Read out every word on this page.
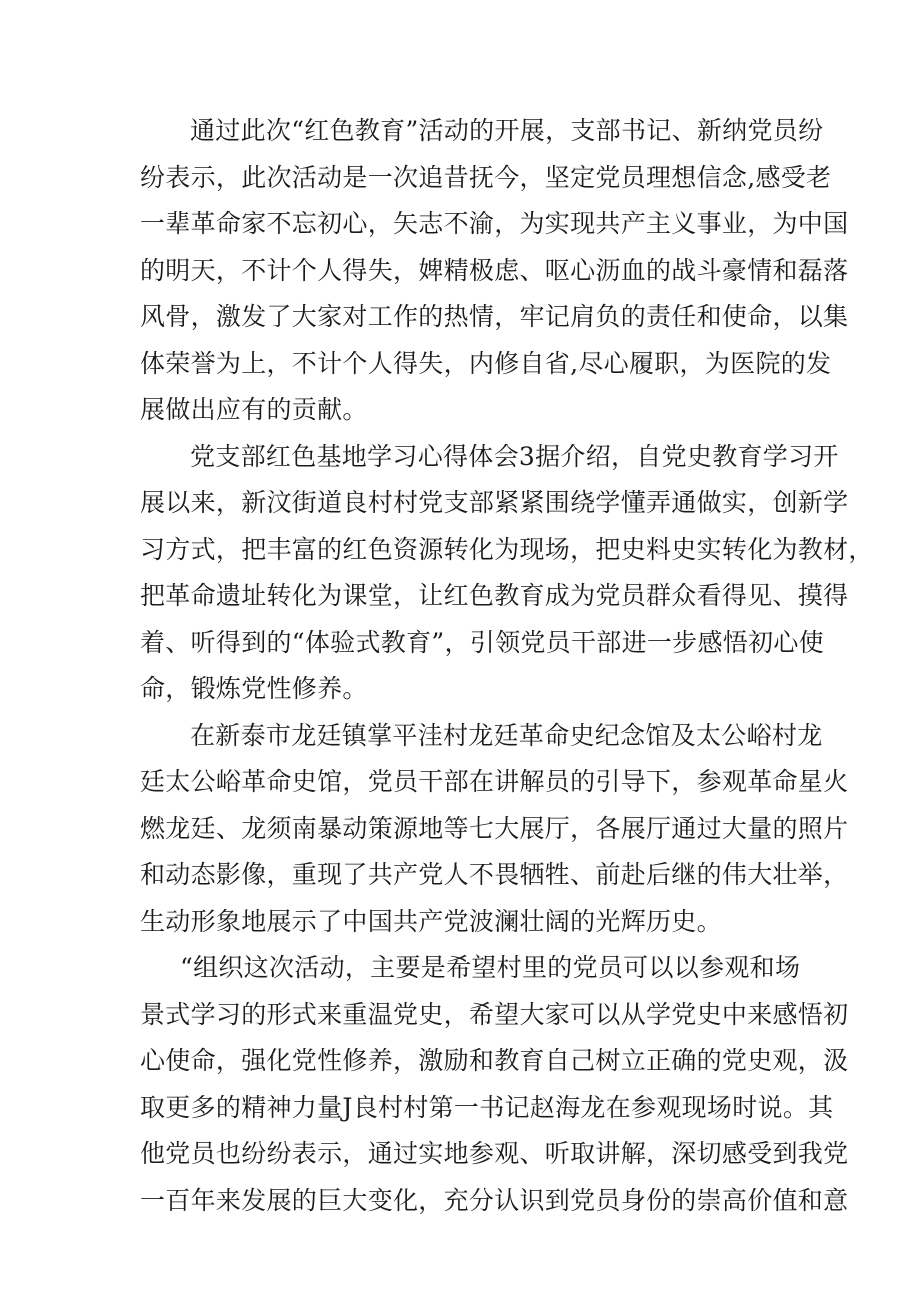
通过此次“红色教育”活动的开展，支部书记、新纳党员纷
纷表示，此次活动是一次追昔抚今，坚定党员理想信念,感受老
一辈革命家不忘初心，矢志不渝，为实现共产主义事业，为中国
的明天，不计个人得失，婢精极虑、呕心沥血的战斗豪情和磊落
风骨，激发了大家对工作的热情，牢记肩负的责任和使命，以集
体荣誉为上，不计个人得失，内修自省,尽心履职，为医院的发
展做出应有的贡献。
党支部红色基地学习心得体会3据介绍，自党史教育学习开
展以来，新汶街道良村村党支部紧紧围绕学懂弄通做实，创新学
习方式，把丰富的红色资源转化为现场，把史料史实转化为教材，
把革命遗址转化为课堂，让红色教育成为党员群众看得见、摸得
着、听得到的“体验式教育”，引领党员干部进一步感悟初心使
命，锻炼党性修养。
在新泰市龙廷镇掌平洼村龙廷革命史纪念馆及太公峪村龙
廷太公峪革命史馆，党员干部在讲解员的引导下，参观革命星火
燃龙廷、龙须南暴动策源地等七大展厅，各展厅通过大量的照片
和动态影像，重现了共产党人不畏牺牲、前赴后继的伟大壮举，
生动形象地展示了中国共产党波澜壮阔的光辉历史。
“组织这次活动，主要是希望村里的党员可以以参观和场
景式学习的形式来重温党史，希望大家可以从学党史中来感悟初
心使命，强化党性修养，激励和教育自己树立正确的党史观，汲
取更多的精神力量J良村村第一书记赵海龙在参观现场时说。其
他党员也纷纷表示，通过实地参观、听取讲解，深切感受到我党
一百年来发展的巨大变化，充分认识到党员身份的崇高价值和意
